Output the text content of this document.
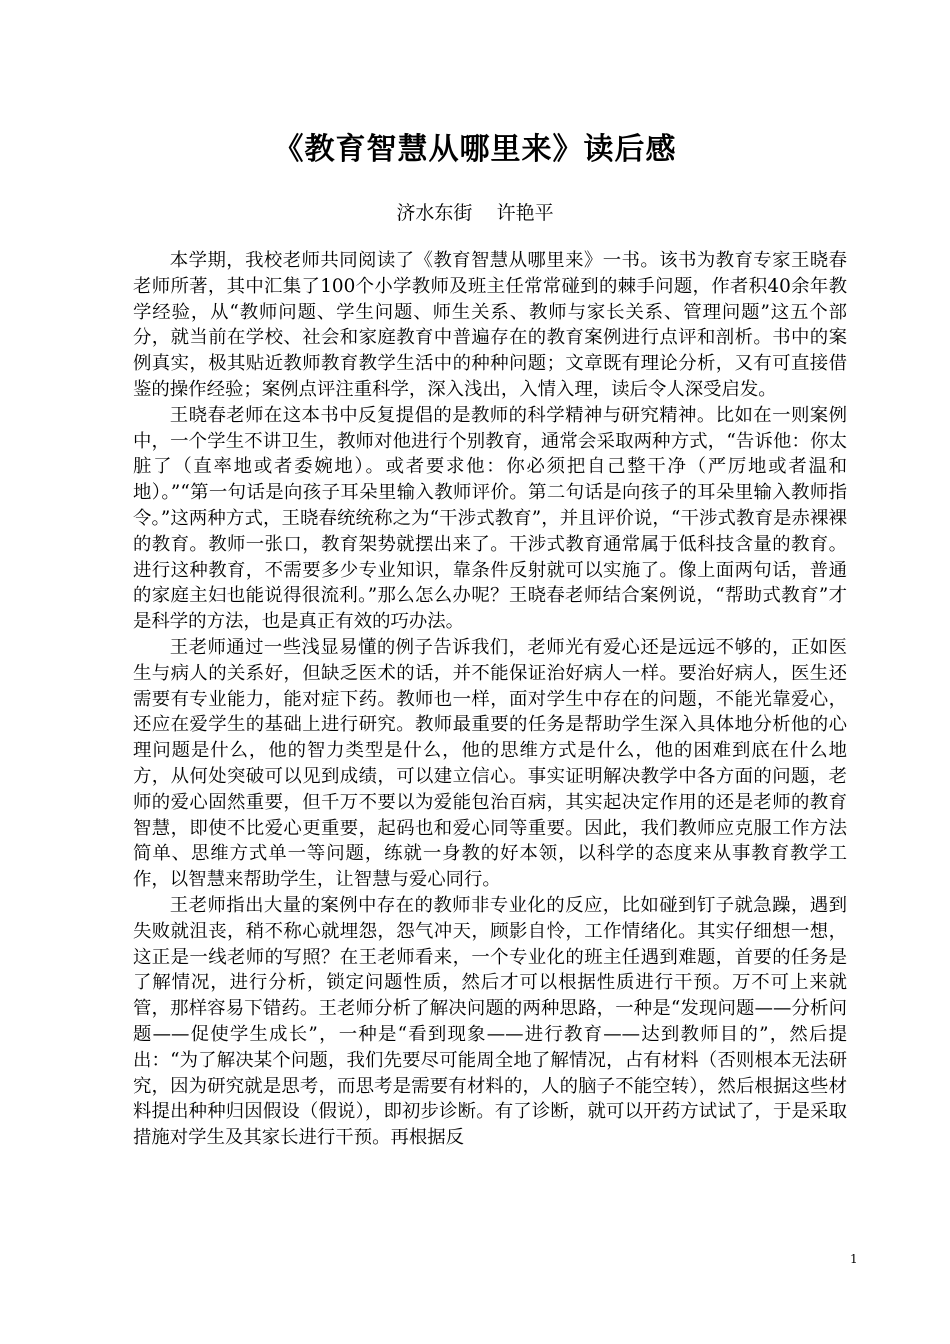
《教育智慧从哪里来》读后感
济水东街    许艳平

本学期，我校老师共同阅读了《教育智慧从哪里来》一书。该书为教育专家王晓春老师所著，其中汇集了100个小学教师及班主任常常碰到的棘手问题，作者积40余年教学经验，从“教师问题、学生问题、师生关系、教师与家长关系、管理问题”这五个部分，就当前在学校、社会和家庭教育中普遍存在的教育案例进行点评和剖析。书中的案例真实，极其贴近教师教育教学生活中的种种问题；文章既有理论分析，又有可直接借鉴的操作经验；案例点评注重科学，深入浅出，入情入理，读后令人深受启发。

王晓春老师在这本书中反复提倡的是教师的科学精神与研究精神。比如在一则案例中，一个学生不讲卫生，教师对他进行个别教育，通常会采取两种方式，“告诉他：你太脏了（直率地或者委婉地）。或者要求他：你必须把自己整干净（严厉地或者温和地）。”“第一句话是向孩子耳朵里输入教师评价。第二句话是向孩子的耳朵里输入教师指令。”这两种方式，王晓春统统称之为“干涉式教育”，并且评价说，“干涉式教育是赤裸裸的教育。教师一张口，教育架势就摆出来了。干涉式教育通常属于低科技含量的教育。进行这种教育，不需要多少专业知识，靠条件反射就可以实施了。像上面两句话，普通的家庭主妇也能说得很流利。”那么怎么办呢？王晓春老师结合案例说，“帮助式教育”才是科学的方法，也是真正有效的巧办法。

王老师通过一些浅显易懂的例子告诉我们，老师光有爱心还是远远不够的，正如医生与病人的关系好，但缺乏医术的话，并不能保证治好病人一样。要治好病人，医生还需要有专业能力，能对症下药。教师也一样，面对学生中存在的问题，不能光靠爱心，还应在爱学生的基础上进行研究。教师最重要的任务是帮助学生深入具体地分析他的心理问题是什么，他的智力类型是什么，他的思维方式是什么，他的困难到底在什么地方，从何处突破可以见到成绩，可以建立信心。事实证明解决教学中各方面的问题，老师的爱心固然重要，但千万不要以为爱能包治百病，其实起决定作用的还是老师的教育智慧，即使不比爱心更重要，起码也和爱心同等重要。因此，我们教师应克服工作方法简单、思维方式单一等问题，练就一身教的好本领，以科学的态度来从事教育教学工作，以智慧来帮助学生，让智慧与爱心同行。

王老师指出大量的案例中存在的教师非专业化的反应，比如碰到钉子就急躁，遇到失败就沮丧，稍不称心就埋怨，怨气冲天，顾影自怜，工作情绪化。其实仔细想一想，这正是一线老师的写照？在王老师看来，一个专业化的班主任遇到难题，首要的任务是了解情况，进行分析，锁定问题性质，然后才可以根据性质进行干预。万不可上来就管，那样容易下错药。王老师分析了解决问题的两种思路，一种是“发现问题——分析问题——促使学生成长”，一种是“看到现象——进行教育——达到教师目的”，然后提出：“为了解决某个问题，我们先要尽可能周全地了解情况，占有材料（否则根本无法研究，因为研究就是思考，而思考是需要有材料的，人的脑子不能空转），然后根据这些材料提出种种归因假设（假说），即初步诊断。有了诊断，就可以开药方试试了，于是采取措施对学生及其家长进行干预。再根据反

1
